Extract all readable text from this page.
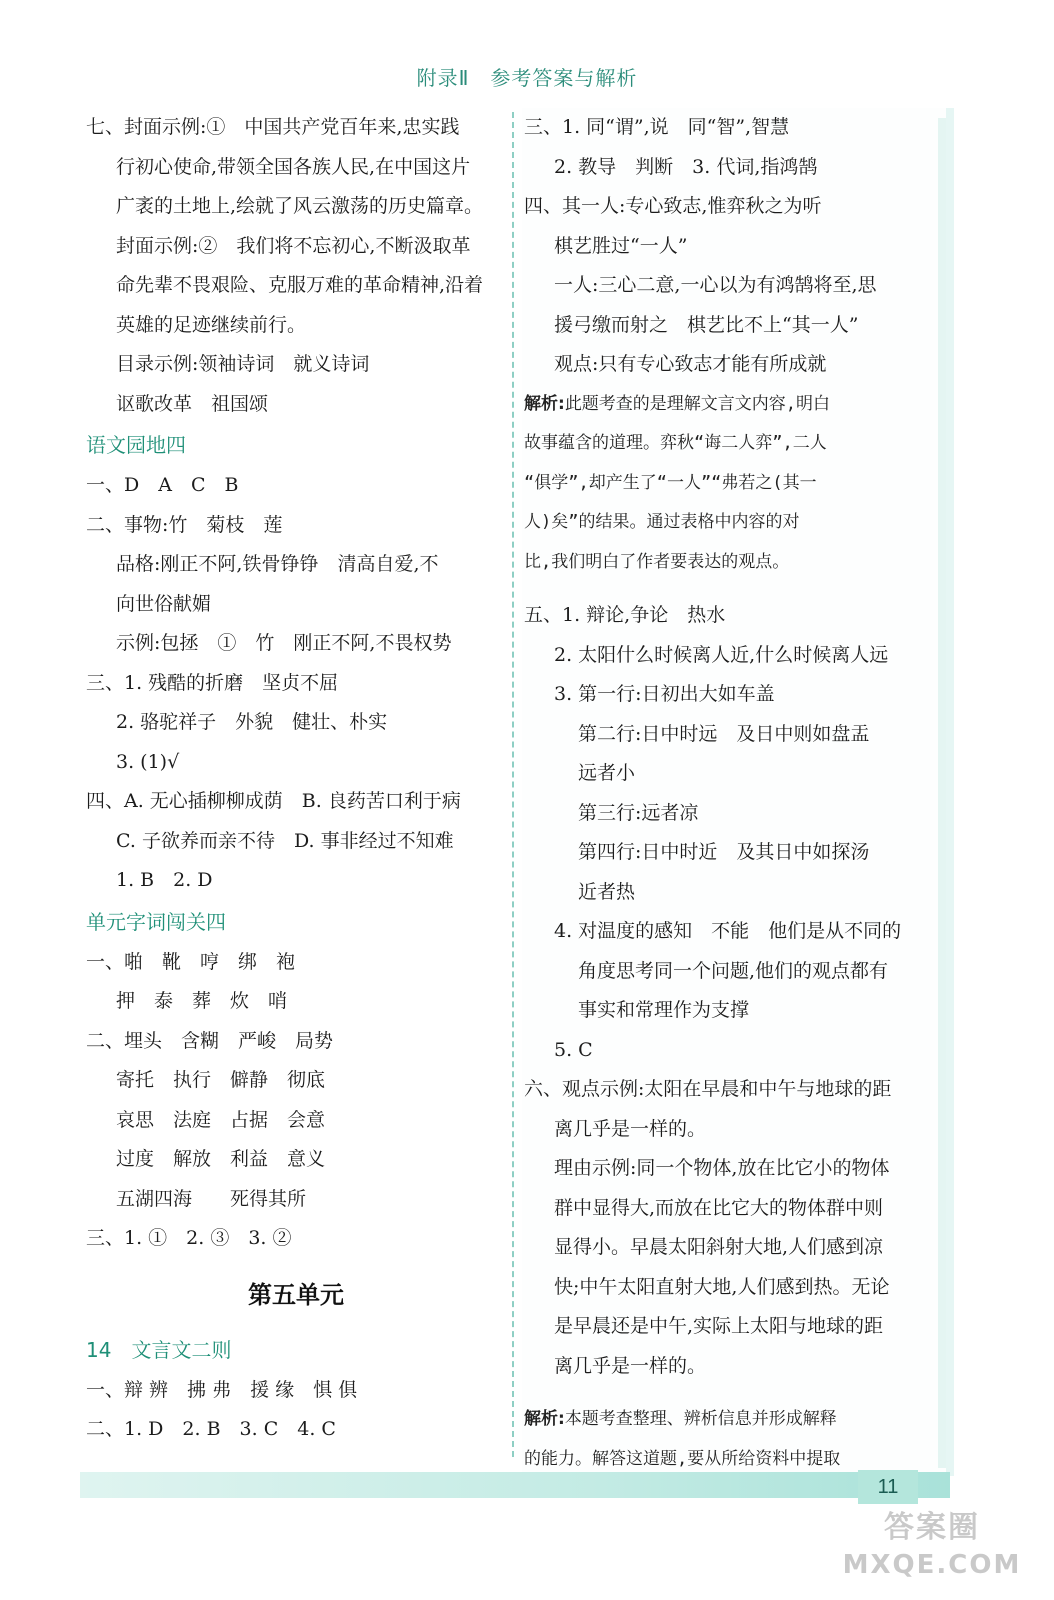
附录Ⅱ　参考答案与解析
七、封面示例:①　中国共产党百年来,忠实践
行初心使命,带领全国各族人民,在中国这片
广袤的土地上,绘就了风云激荡的历史篇章。
封面示例:②　我们将不忘初心,不断汲取革
命先辈不畏艰险、克服万难的革命精神,沿着
英雄的足迹继续前行。
目录示例:领袖诗词　就义诗词
讴歌改革　祖国颂
语文园地四
一、D　A　C　B
二、事物:竹　菊枝　莲
品格:刚正不阿,铁骨铮铮　清高自爱,不
向世俗献媚
示例:包拯　①　竹　刚正不阿,不畏权势
三、1. 残酷的折磨　坚贞不屈
2. 骆驼祥子　外貌　健壮、朴实
3. (1)√
四、A. 无心插柳柳成荫　B. 良药苦口利于病
C. 子欲养而亲不待　D. 事非经过不知难
1. B　2. D
单元字词闯关四
一、啪　靴　哼　绑　袍
押　泰　葬　炊　哨
二、埋头　含糊　严峻　局势
寄托　执行　僻静　彻底
哀思　法庭　占据　会意
过度　解放　利益　意义
五湖四海　　死得其所
三、1. ①　2. ③　3. ②
第五单元
14　文言文二则
一、辩 辨　拂 弗　援 缘　惧 俱
二、1. D　2. B　3. C　4. C
三、1. 同“谓”,说　同“智”,智慧
2. 教导　判断　3. 代词,指鸿鹄
四、其一人:专心致志,惟弈秋之为听
棋艺胜过“一人”
一人:三心二意,一心以为有鸿鹄将至,思
援弓缴而射之　棋艺比不上“其一人”
观点:只有专心致志才能有所成就
解析:此题考查的是理解文言文内容,明白
故事蕴含的道理。弈秋“诲二人弈”,二人
“俱学”,却产生了“一人”“弗若之(其一
人)矣”的结果。通过表格中内容的对
比,我们明白了作者要表达的观点。
五、1. 辩论,争论　热水
2. 太阳什么时候离人近,什么时候离人远
3. 第一行:日初出大如车盖
第二行:日中时远　及日中则如盘盂
远者小
第三行:远者凉
第四行:日中时近　及其日中如探汤
近者热
4. 对温度的感知　不能　他们是从不同的
角度思考同一个问题,他们的观点都有
事实和常理作为支撑
5. C
六、观点示例:太阳在早晨和中午与地球的距
离几乎是一样的。
理由示例:同一个物体,放在比它小的物体
群中显得大,而放在比它大的物体群中则
显得小。早晨太阳斜射大地,人们感到凉
快;中午太阳直射大地,人们感到热。无论
是早晨还是中午,实际上太阳与地球的距
离几乎是一样的。
解析:本题考查整理、辨析信息并形成解释
的能力。解答这道题,要从所给资料中提取
11
答案圈
MXQE.COM
